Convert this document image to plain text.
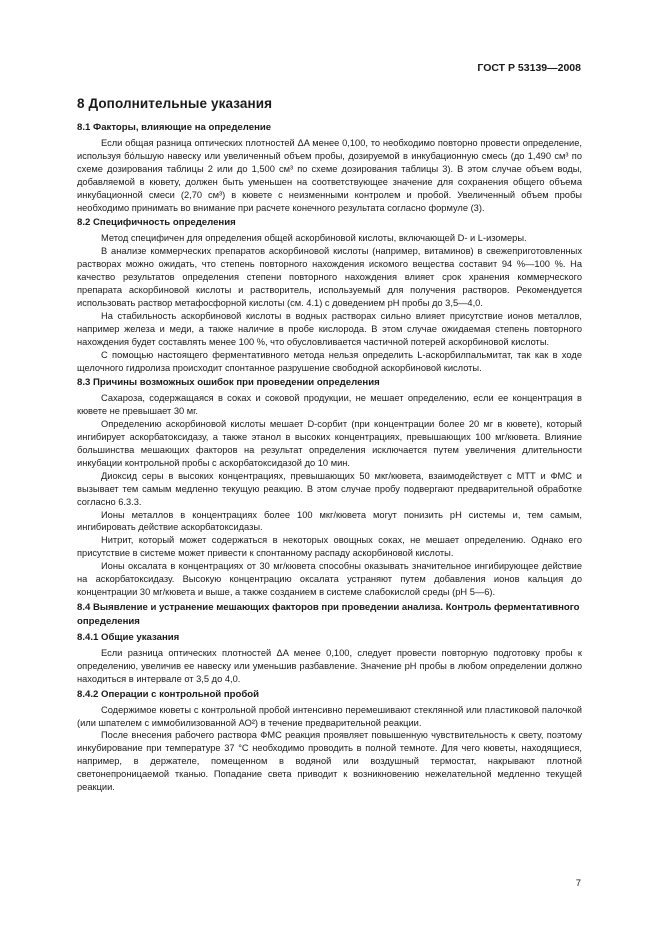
ГОСТ Р 53139—2008
8 Дополнительные указания
8.1 Факторы, влияющие на определение
Если общая разница оптических плотностей ΔA менее 0,100, то необходимо повторно провести определение, используя бо́льшую навеску или увеличенный объем пробы, дозируемой в инкубационную смесь (до 1,490 см³ по схеме дозирования таблицы 2 или до 1,500 см³ по схеме дозирования таблицы 3). В этом случае объем воды, добавляемой в кювету, должен быть уменьшен на соответствующее значение для сохранения общего объема инкубационной смеси (2,70 см³) в кювете с неизменными контролем и пробой. Увеличенный объем пробы необходимо принимать во внимание при расчете конечного результата согласно формуле (3).
8.2 Специфичность определения
Метод специфичен для определения общей аскорбиновой кислоты, включающей D- и L-изомеры.
В анализе коммерческих препаратов аскорбиновой кислоты (например, витаминов) в свежеприготовленных растворах можно ожидать, что степень повторного нахождения искомого вещества составит 94 %—100 %. На качество результатов определения степени повторного нахождения влияет срок хранения коммерческого препарата аскорбиновой кислоты и растворитель, используемый для получения растворов. Рекомендуется использовать раствор метафосфорной кислоты (см. 4.1) с доведением рН пробы до 3,5—4,0.
На стабильность аскорбиновой кислоты в водных растворах сильно влияет присутствие ионов металлов, например железа и меди, а также наличие в пробе кислорода. В этом случае ожидаемая степень повторного нахождения будет составлять менее 100 %, что обусловливается частичной потерей аскорбиновой кислоты.
С помощью настоящего ферментативного метода нельзя определить L-аскорбилпальмитат, так как в ходе щелочного гидролиза происходит спонтанное разрушение свободной аскорбиновой кислоты.
8.3 Причины возможных ошибок при проведении определения
Сахароза, содержащаяся в соках и соковой продукции, не мешает определению, если ее концентрация в кювете не превышает 30 мг.
Определению аскорбиновой кислоты мешает D-сорбит (при концентрации более 20 мг в кювете), который ингибирует аскорбатоксидазу, а также этанол в высоких концентрациях, превышающих 100 мг/кювета. Влияние большинства мешающих факторов на результат определения исключается путем увеличения длительности инкубации контрольной пробы с аскорбатоксидазой до 10 мин.
Диоксид серы в высоких концентрациях, превышающих 50 мкг/кювета, взаимодействует с МТТ и ФМС и вызывает тем самым медленно текущую реакцию. В этом случае пробу подвергают предварительной обработке согласно 6.3.3.
Ионы металлов в концентрациях более 100 мкг/кювета могут понизить рН системы и, тем самым, ингибировать действие аскорбатоксидазы.
Нитрит, который может содержаться в некоторых овощных соках, не мешает определению. Однако его присутствие в системе может привести к спонтанному распаду аскорбиновой кислоты.
Ионы оксалата в концентрациях от 30 мг/кювета способны оказывать значительное ингибирующее действие на аскорбатоксидазу. Высокую концентрацию оксалата устраняют путем добавления ионов кальция до концентрации 30 мг/кювета и выше, а также созданием в системе слабокислой среды (рН 5—6).
8.4 Выявление и устранение мешающих факторов при проведении анализа. Контроль ферментативного определения
8.4.1 Общие указания
Если разница оптических плотностей ΔA менее 0,100, следует провести повторную подготовку пробы к определению, увеличив ее навеску или уменьшив разбавление. Значение рН пробы в любом определении должно находиться в интервале от 3,5 до 4,0.
8.4.2 Операции с контрольной пробой
Содержимое кюветы с контрольной пробой интенсивно перемешивают стеклянной или пластиковой палочкой (или шпателем с иммобилизованной АО²) в течение предварительной реакции.
После внесения рабочего раствора ФМС реакция проявляет повышенную чувствительность к свету, поэтому инкубирование при температуре 37 °С необходимо проводить в полной темноте. Для чего кюветы, находящиеся, например, в держателе, помещенном в водяной или воздушный термостат, накрывают плотной светонепроницаемой тканью. Попадание света приводит к возникновению нежелательной медленно текущей реакции.
7
